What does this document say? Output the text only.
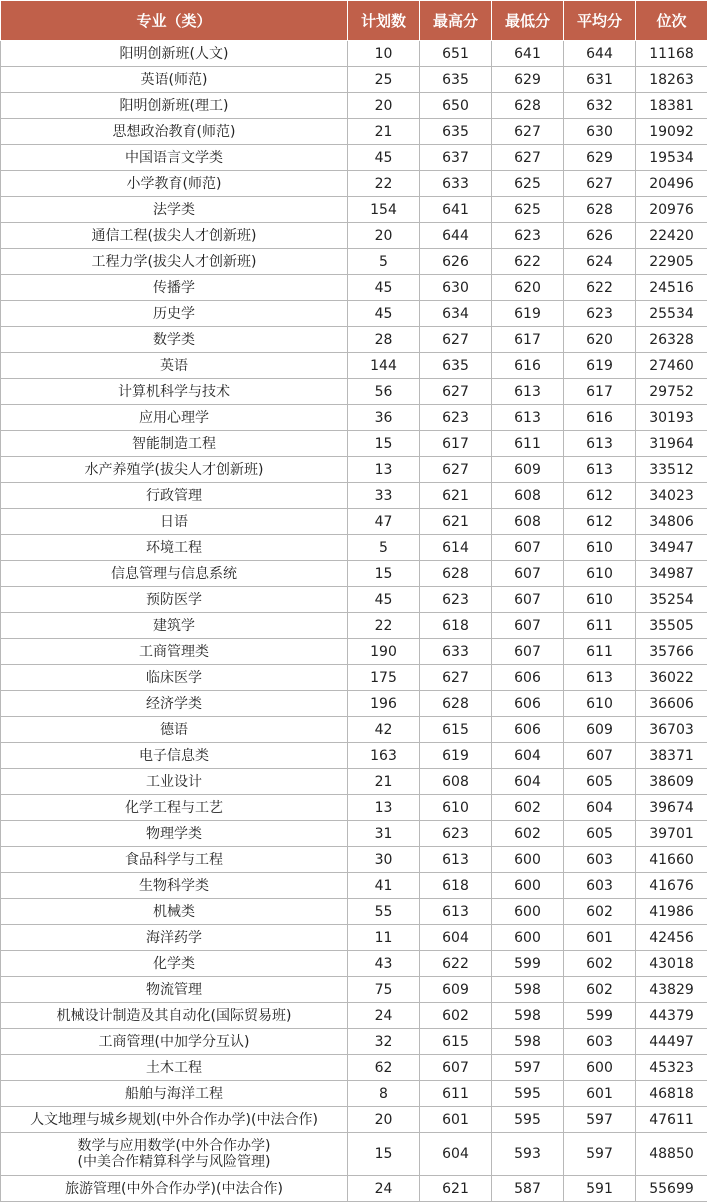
专业（类）	计划数	最高分	最低分	平均分	位次
阳明创新班(人文)	10	651	641	644	11168
英语(师范)	25	635	629	631	18263
阳明创新班(理工)	20	650	628	632	18381
思想政治教育(师范)	21	635	627	630	19092
中国语言文学类	45	637	627	629	19534
小学教育(师范)	22	633	625	627	20496
法学类	154	641	625	628	20976
通信工程(拔尖人才创新班)	20	644	623	626	22420
工程力学(拔尖人才创新班)	5	626	622	624	22905
传播学	45	630	620	622	24516
历史学	45	634	619	623	25534
数学类	28	627	617	620	26328
英语	144	635	616	619	27460
计算机科学与技术	56	627	613	617	29752
应用心理学	36	623	613	616	30193
智能制造工程	15	617	611	613	31964
水产养殖学(拔尖人才创新班)	13	627	609	613	33512
行政管理	33	621	608	612	34023
日语	47	621	608	612	34806
环境工程	5	614	607	610	34947
信息管理与信息系统	15	628	607	610	34987
预防医学	45	623	607	610	35254
建筑学	22	618	607	611	35505
工商管理类	190	633	607	611	35766
临床医学	175	627	606	613	36022
经济学类	196	628	606	610	36606
德语	42	615	606	609	36703
电子信息类	163	619	604	607	38371
工业设计	21	608	604	605	38609
化学工程与工艺	13	610	602	604	39674
物理学类	31	623	602	605	39701
食品科学与工程	30	613	600	603	41660
生物科学类	41	618	600	603	41676
机械类	55	613	600	602	41986
海洋药学	11	604	600	601	42456
化学类	43	622	599	602	43018
物流管理	75	609	598	602	43829
机械设计制造及其自动化(国际贸易班)	24	602	598	599	44379
工商管理(中加学分互认)	32	615	598	603	44497
土木工程	62	607	597	600	45323
船舶与海洋工程	8	611	595	601	46818
人文地理与城乡规划(中外合作办学)(中法合作)	20	601	595	597	47611
数学与应用数学(中外合作办学)
(中美合作精算科学与风险管理)	15	604	593	597	48850
旅游管理(中外合作办学)(中法合作)	24	621	587	591	55699
